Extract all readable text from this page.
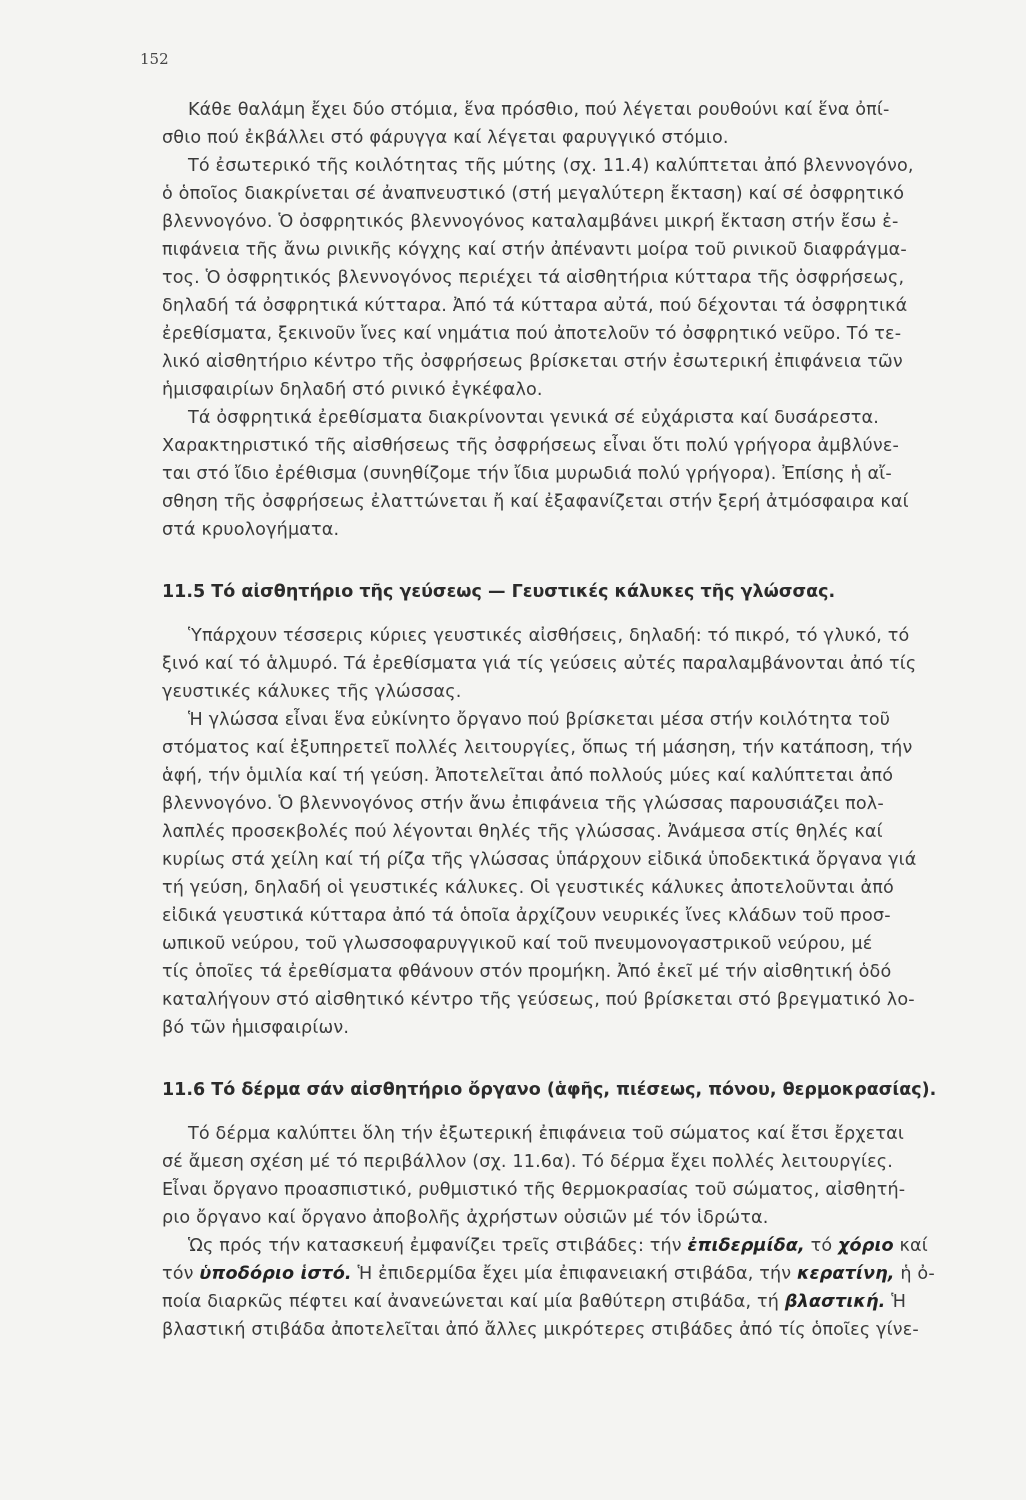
152
Κάθε θαλάμη ἔχει δύο στόμια, ἕνα πρόσθιο, πού λέγεται ρουθούνι καί ἕνα ὀπί-
σθιο πού ἐκβάλλει στό φάρυγγα καί λέγεται φαρυγγικό στόμιο.
Τό ἐσωτερικό τῆς κοιλότητας τῆς μύτης (σχ. 11.4) καλύπτεται ἀπό βλεννογόνο,
ὁ ὁποῖος διακρίνεται σέ ἀναπνευστικό (στή μεγαλύτερη ἔκταση) καί σέ ὀσφρητικό
βλεννογόνο. Ὁ ὀσφρητικός βλεννογόνος καταλαμβάνει μικρή ἔκταση στήν ἔσω ἐ-
πιφάνεια τῆς ἄνω ρινικῆς κόγχης καί στήν ἀπέναντι μοίρα τοῦ ρινικοῦ διαφράγμα-
τος. Ὁ ὀσφρητικός βλεννογόνος περιέχει τά αἰσθητήρια κύτταρα τῆς ὀσφρήσεως,
δηλαδή τά ὀσφρητικά κύτταρα. Ἀπό τά κύτταρα αὐτά, πού δέχονται τά ὀσφρητικά
ἐρεθίσματα, ξεκινοῦν ἴνες καί νημάτια πού ἀποτελοῦν τό ὀσφρητικό νεῦρο. Τό τε-
λικό αἰσθητήριο κέντρο τῆς ὀσφρήσεως βρίσκεται στήν ἐσωτερική ἐπιφάνεια τῶν
ἡμισφαιρίων δηλαδή στό ρινικό ἐγκέφαλο.
Τά ὀσφρητικά ἐρεθίσματα διακρίνονται γενικά σέ εὐχάριστα καί δυσάρεστα.
Χαρακτηριστικό τῆς αἰσθήσεως τῆς ὀσφρήσεως εἶναι ὅτι πολύ γρήγορα ἀμβλύνε-
ται στό ἴδιο ἐρέθισμα (συνηθίζομε τήν ἴδια μυρωδιά πολύ γρήγορα). Ἐπίσης ἡ αἴ-
σθηση τῆς ὀσφρήσεως ἐλαττώνεται ἤ καί ἐξαφανίζεται στήν ξερή ἀτμόσφαιρα καί
στά κρυολογήματα.
11.5 Τό αἰσθητήριο τῆς γεύσεως — Γευστικές κάλυκες τῆς γλώσσας.
Ὑπάρχουν τέσσερις κύριες γευστικές αἰσθήσεις, δηλαδή: τό πικρό, τό γλυκό, τό
ξινό καί τό ἁλμυρό. Τά ἐρεθίσματα γιά τίς γεύσεις αὐτές παραλαμβάνονται ἀπό τίς
γευστικές κάλυκες τῆς γλώσσας.
Ἡ γλώσσα εἶναι ἕνα εὐκίνητο ὄργανο πού βρίσκεται μέσα στήν κοιλότητα τοῦ
στόματος καί ἐξυπηρετεῖ πολλές λειτουργίες, ὅπως τή μάσηση, τήν κατάποση, τήν
ἁφή, τήν ὁμιλία καί τή γεύση. Ἀποτελεῖται ἀπό πολλούς μύες καί καλύπτεται ἀπό
βλεννογόνο. Ὁ βλεννογόνος στήν ἄνω ἐπιφάνεια τῆς γλώσσας παρουσιάζει πολ-
λαπλές προσεκβολές πού λέγονται θηλές τῆς γλώσσας. Ἀνάμεσα στίς θηλές καί
κυρίως στά χείλη καί τή ρίζα τῆς γλώσσας ὑπάρχουν εἰδικά ὑποδεκτικά ὄργανα γιά
τή γεύση, δηλαδή οἱ γευστικές κάλυκες. Οἱ γευστικές κάλυκες ἀποτελοῦνται ἀπό
εἰδικά γευστικά κύτταρα ἀπό τά ὁποῖα ἀρχίζουν νευρικές ἴνες κλάδων τοῦ προσ-
ωπικοῦ νεύρου, τοῦ γλωσσοφαρυγγικοῦ καί τοῦ πνευμονογαστρικοῦ νεύρου, μέ
τίς ὁποῖες τά ἐρεθίσματα φθάνουν στόν προμήκη. Ἀπό ἐκεῖ μέ τήν αἰσθητική ὁδό
καταλήγουν στό αἰσθητικό κέντρο τῆς γεύσεως, πού βρίσκεται στό βρεγματικό λο-
βό τῶν ἡμισφαιρίων.
11.6 Τό δέρμα σάν αἰσθητήριο ὄργανο (ἁφῆς, πιέσεως, πόνου, θερμοκρασίας).
Τό δέρμα καλύπτει ὅλη τήν ἐξωτερική ἐπιφάνεια τοῦ σώματος καί ἔτσι ἔρχεται
σέ ἄμεση σχέση μέ τό περιβάλλον (σχ. 11.6α). Τό δέρμα ἔχει πολλές λειτουργίες.
Εἶναι ὄργανο προασπιστικό, ρυθμιστικό τῆς θερμοκρασίας τοῦ σώματος, αἰσθητή-
ριο ὄργανο καί ὄργανο ἀποβολῆς ἀχρήστων οὐσιῶν μέ τόν ἱδρώτα.
Ὡς πρός τήν κατασκευή ἐμφανίζει τρεῖς στιβάδες: τήν ἐπιδερμίδα, τό χόριο καί
τόν ὑποδόριο ἱστό. Ἡ ἐπιδερμίδα ἔχει μία ἐπιφανειακή στιβάδα, τήν κερατίνη, ἡ ὀ-
ποία διαρκῶς πέφτει καί ἀνανεώνεται καί μία βαθύτερη στιβάδα, τή βλαστική. Ἡ
βλαστική στιβάδα ἀποτελεῖται ἀπό ἄλλες μικρότερες στιβάδες ἀπό τίς ὁποῖες γίνε-
